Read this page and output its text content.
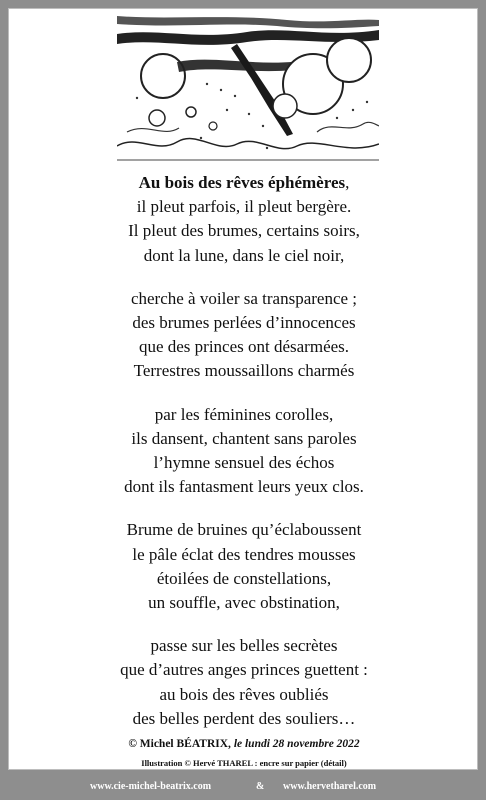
Au bois des rêves éphémères,
il pleut parfois, il pleut bergère.
Il pleut des brumes, certains soirs,
dont la lune, dans le ciel noir,
cherche à voiler sa transparence ;
des brumes perlées d’innocences
que des princes ont désarmées.
Terrestres moussaillons charmés
par les féminines corolles,
ils dansent, chantent sans paroles
l’hymne sensuel des échos
dont ils fantasment leurs yeux clos.
Brume de bruines qu’éclaboussent
le pâle éclat des tendres mousses
étoilées de constellations,
un souffle, avec obstination,
passe sur les belles secrètes
que d’autres anges princes guettent :
au bois des rêves oubliés
des belles perdent des souliers…
© Michel BÉATRIX, le lundi 28 novembre 2022
Illustration © Hervé THAREL : encre sur papier (détail)
www.cie-michel-beatrix.com	& www.hervetharel.com
